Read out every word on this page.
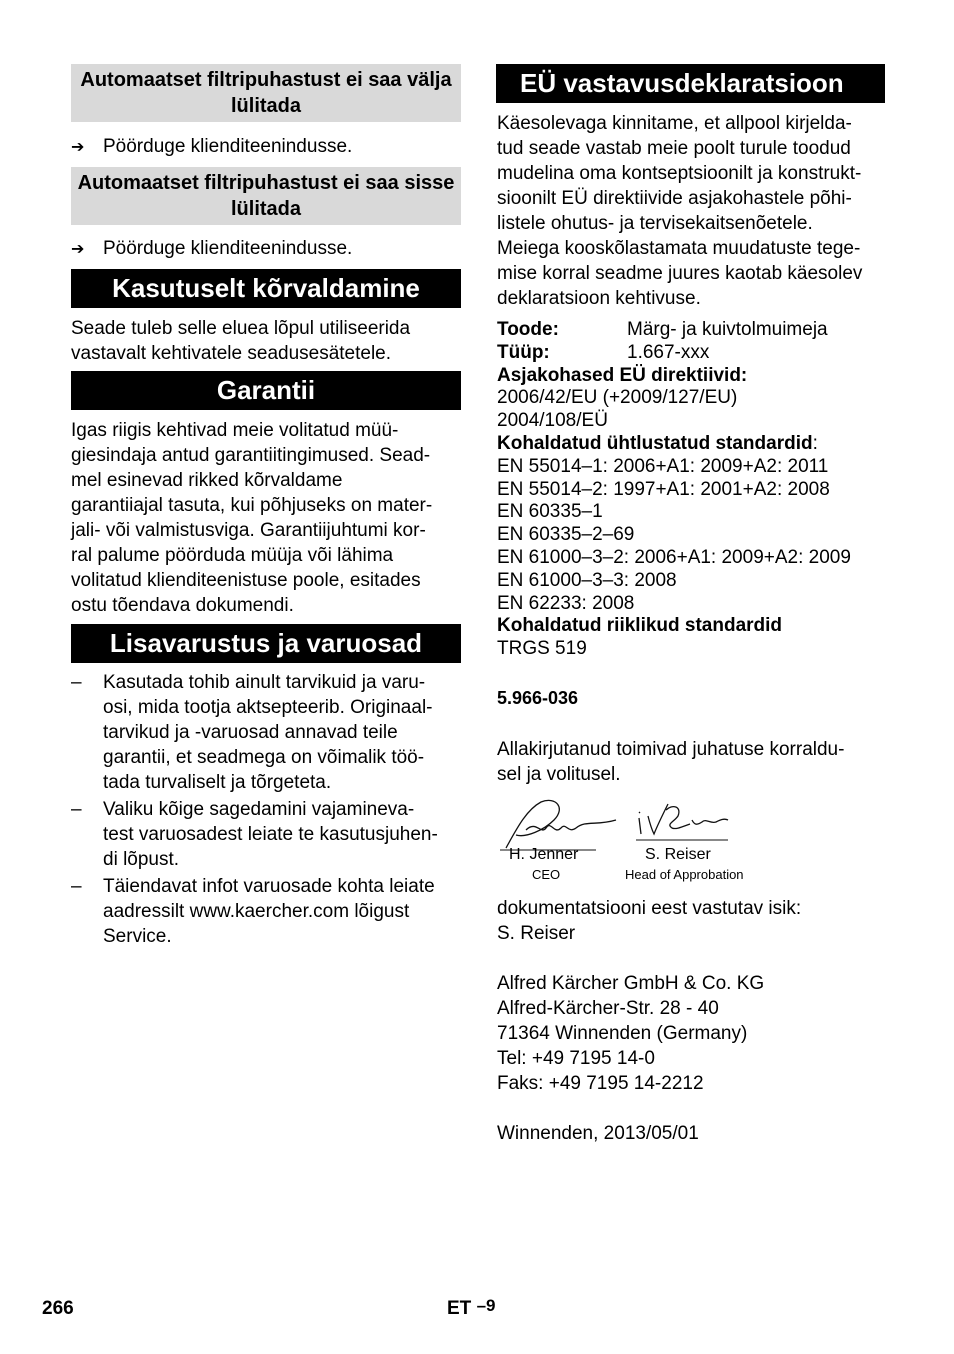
Automaatset filtripuhastust ei saa välja lülitada
➔ Pöörduge klienditeenindusse.
Automaatset filtripuhastust ei saa sisse lülitada
➔ Pöörduge klienditeenindusse.
Kasutuselt kõrvaldamine

Seade tuleb selle eluea lõpul utiliseerida
vastavalt kehtivatele seadusesätetele.

Garantii

Igas riigis kehtivad meie volitatud müü-
giesindaja antud garantiitingimused. Sead-
mel esinevad rikked kõrvaldame
garantiiajal tasuta, kui põhjuseks on mater-
jali- või valmistusviga. Garantiijuhtumi kor-
ral palume pöörduda müüja või lähima
volitatud klienditeenistuse poole, esitades
ostu tõendava dokumendi.

Lisavarustus ja varuosad
– Kasutada tohib ainult tarvikuid ja varu-
osi, mida tootja aktsepteerib. Originaal-
tarvikud ja -varuosad annavad teile
garantii, et seadmega on võimalik töö-
tada turvaliselt ja tõrgeteta.
– Valiku kõige sagedamini vajamineva-
test varuosadest leiate te kasutusjuhen-
di lõpust.
– Täiendavat infot varuosade kohta leiate
aadressilt www.kaercher.com lõigust
Service.
EÜ vastavusdeklaratsioon

Käesolevaga kinnitame, et allpool kirjelda-
tud seade vastab meie poolt turule toodud
mudelina oma kontseptsioonilt ja konstrukt-
sioonilt EÜ direktiivide asjakohastele põhi-
listele ohutus- ja tervisekaitsenõetele.
Meiega kooskõlastamata muudatuste tege-
mise korral seadme juures kaotab käesolev
deklaratsioon kehtivuse.

Toode:	Märg- ja kuivtolmuimeja
Tüüp:	1.667-xxx
Asjakohased EÜ direktiivid:
2006/42/EU (+2009/127/EU)
2004/108/EÜ
Kohaldatud ühtlustatud standardid:
EN 55014–1: 2006+A1: 2009+A2: 2011
EN 55014–2: 1997+A1: 2001+A2: 2008
EN 60335–1
EN 60335–2–69
EN 61000–3–2: 2006+A1: 2009+A2: 2009
EN 61000–3–3: 2008
EN 62233: 2008
Kohaldatud riiklikud standardid
TRGS 519
5.966-036

Allakirjutanud toimivad juhatuse korraldu-
sel ja volitusel.

H. Jenner
CEO
S. Reiser
Head of Approbation

dokumentatsiooni eest vastutav isik:
S. Reiser

Alfred Kärcher GmbH & Co. KG
Alfred-Kärcher-Str. 28 - 40
71364 Winnenden (Germany)
Tel: +49 7195 14-0
Faks: +49 7195 14-2212

Winnenden, 2013/05/01
266	ET –9
